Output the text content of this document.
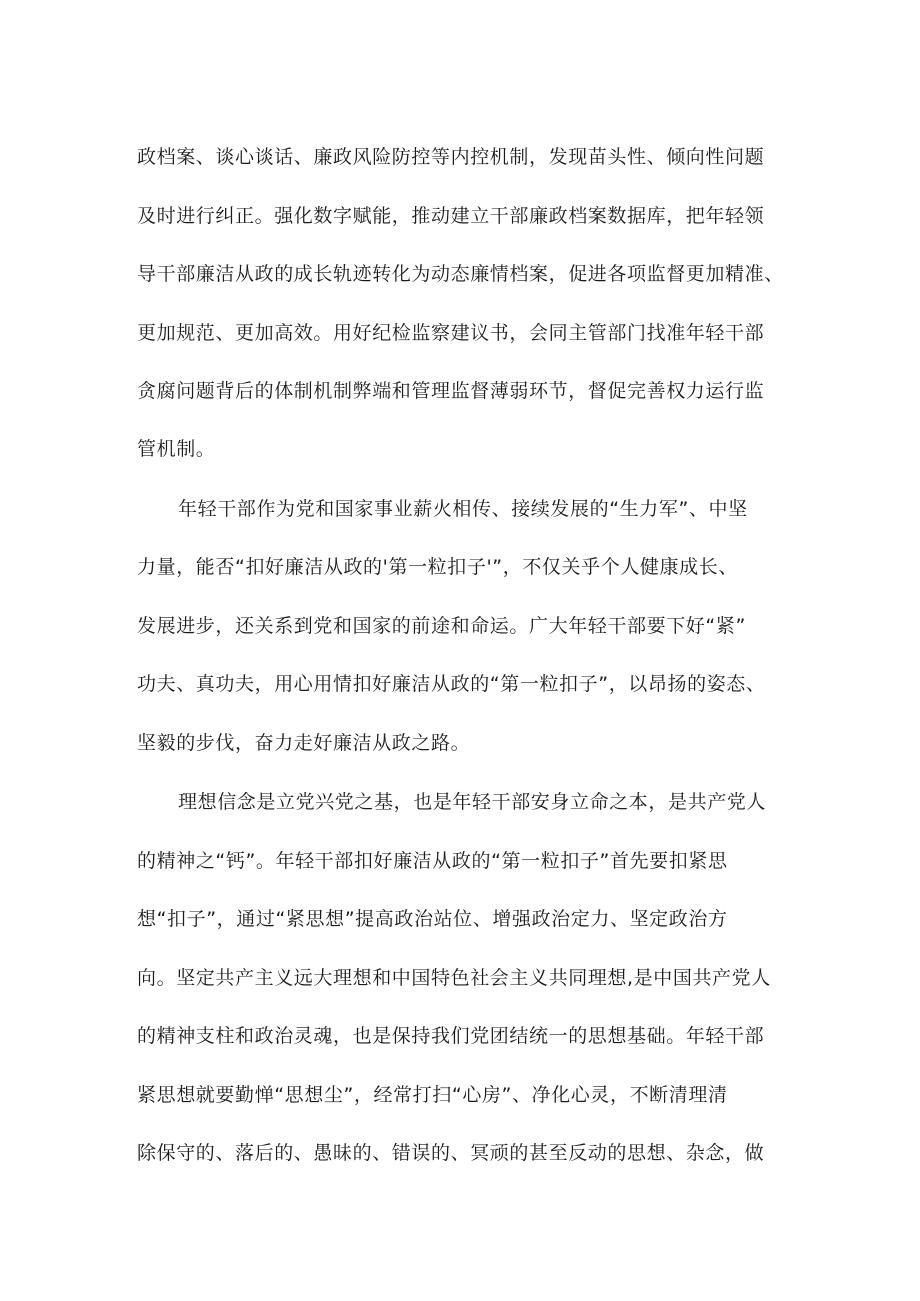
政档案、谈心谈话、廉政风险防控等内控机制，发现苗头性、倾向性问题
及时进行纠正。强化数字赋能，推动建立干部廉政档案数据库，把年轻领
导干部廉洁从政的成长轨迹转化为动态廉情档案，促进各项监督更加精准、
更加规范、更加高效。用好纪检监察建议书，会同主管部门找准年轻干部
贪腐问题背后的体制机制弊端和管理监督薄弱环节，督促完善权力运行监
管机制。
年轻干部作为党和国家事业薪火相传、接续发展的“生力军”、中坚
力量，能否“扣好廉洁从政的'第一粒扣子'”，不仅关乎个人健康成长、
发展进步，还关系到党和国家的前途和命运。广大年轻干部要下好“紧”
功夫、真功夫，用心用情扣好廉洁从政的“第一粒扣子”，以昂扬的姿态、
坚毅的步伐，奋力走好廉洁从政之路。
理想信念是立党兴党之基，也是年轻干部安身立命之本，是共产党人
的精神之“钙”。年轻干部扣好廉洁从政的“第一粒扣子”首先要扣紧思
想“扣子”，通过“紧思想”提高政治站位、增强政治定力、坚定政治方
向。坚定共产主义远大理想和中国特色社会主义共同理想,是中国共产党人
的精神支柱和政治灵魂，也是保持我们党团结统一的思想基础。年轻干部
紧思想就要勤惮“思想尘”，经常打扫“心房”、净化心灵，不断清理清
除保守的、落后的、愚昧的、错误的、冥顽的甚至反动的思想、杂念，做
